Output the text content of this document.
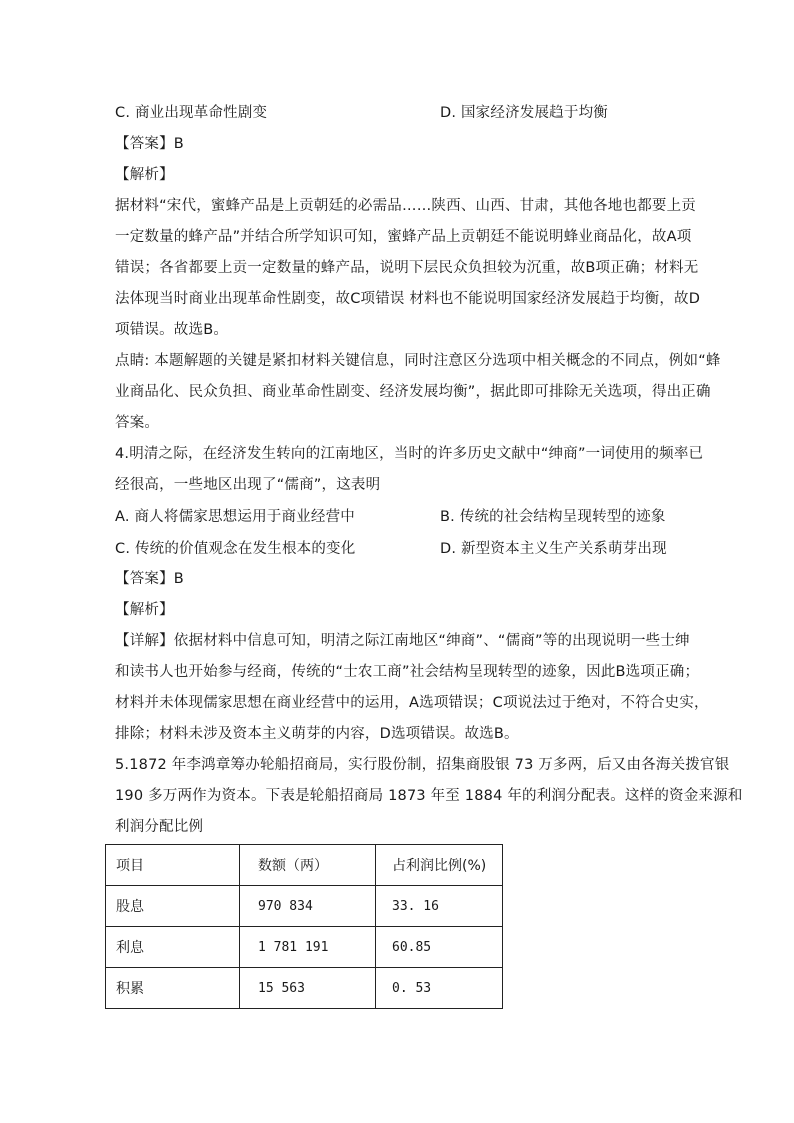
C. 商业出现革命性剧变	D. 国家经济发展趋于均衡
【答案】B
【解析】
据材料“宋代，蜜蜂产品是上贡朝廷的必需品……陕西、山西、甘肃，其他各地也都要上贡
一定数量的蜂产品”并结合所学知识可知，蜜蜂产品上贡朝廷不能说明蜂业商品化，故A项
错误；各省都要上贡一定数量的蜂产品，说明下层民众负担较为沉重，故B项正确；材料无
法体现当时商业出现革命性剧变，故C项错误 材料也不能说明国家经济发展趋于均衡，故D
项错误。故选B。
点睛: 本题解题的关键是紧扣材料关键信息，同时注意区分选项中相关概念的不同点，例如“蜂
业商品化、民众负担、商业革命性剧变、经济发展均衡”，据此即可排除无关选项，得出正确
答案。
4.明清之际，在经济发生转向的江南地区，当时的许多历史文献中“绅商”一词使用的频率已
经很高，一些地区出现了“儒商”，这表明
A. 商人将儒家思想运用于商业经营中	B. 传统的社会结构呈现转型的迹象
C. 传统的价值观念在发生根本的变化	D. 新型资本主义生产关系萌芽出现
【答案】B
【解析】
【详解】依据材料中信息可知，明清之际江南地区“绅商”、“儒商”等的出现说明一些士绅
和读书人也开始参与经商，传统的“士农工商”社会结构呈现转型的迹象，因此B选项正确；
材料并未体现儒家思想在商业经营中的运用，A选项错误；C项说法过于绝对，不符合史实，
排除；材料未涉及资本主义萌芽的内容，D选项错误。故选B。
5.1872 年李鸿章筹办轮船招商局，实行股份制，招集商股银 73 万多两，后又由各海关拨官银
190 多万两作为资本。下表是轮船招商局 1873 年至 1884 年的利润分配表。这样的资金来源和
利润分配比例
项目	数额（两）	占利润比例(%)
股息	970 834	33. 16
利息	1 781 191	60.85
积累	15 563	0. 53
